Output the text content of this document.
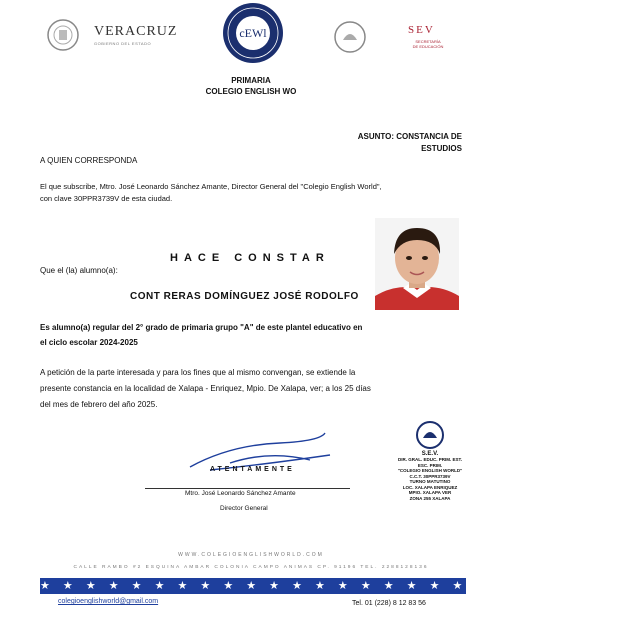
VERACRUZ
GOBIERNO DEL ESTADO
cEWl	SEV
SECRETARÍA
DE EDUCACIÓN
PRIMARIA
COLEGIO ENGLISH WO
ASUNTO: CONSTANCIA DE
ESTUDIOS
A QUIEN CORRESPONDA
El que subscribe, Mtro. José Leonardo Sánchez Amante, Director General del "Colegio English World",
con clave 30PPR3739V de esta ciudad.
HACE CONSTAR
Que el (la) alumno(a):
CONT RERAS DOMÍNGUEZ JOSÉ RODOLFO
Es alumno(a) regular del 2° grado de primaria grupo "A" de este plantel educativo en
el ciclo escolar 2024-2025
A petición de la parte interesada y para los fines que al mismo convengan, se extiende la
presente constancia en la localidad de Xalapa - Enriquez, Mpio. De Xalapa, ver; a los 25 días
del mes de febrero del año 2025.
ATENTAMENTE
Mtro. José Leonardo Sánchez Amante
Director General
S.E.V.
DIR. GRAL. EDUC. PRIM. EST.
ESC. PRIM.
"COLEGIO ENGLISH WORLD"
C.C.T. 30PPR3739V
TURNO MATUTINO
LOC. XALAPA ENRIQUEZ
MPIO. XALAPA VER
ZONA 255 XALAPA
WWW.COLEGIOENGLISHWORLD.COM
CALLE RAMBO #2 ESQUINA AMBAR COLONIA CAMPO ANIMAS CP. 91196 TEL. 2288128136
★ ★ ★ ★ ★ ★ ★ ★ ★ ★ ★ ★ ★ ★ ★ ★ ★ ★ ★ ★ ★ ★ ★ ★ ★ ★
colegioenglishworld@gmail.com	Tel. 01 (228) 8 12 83 56
